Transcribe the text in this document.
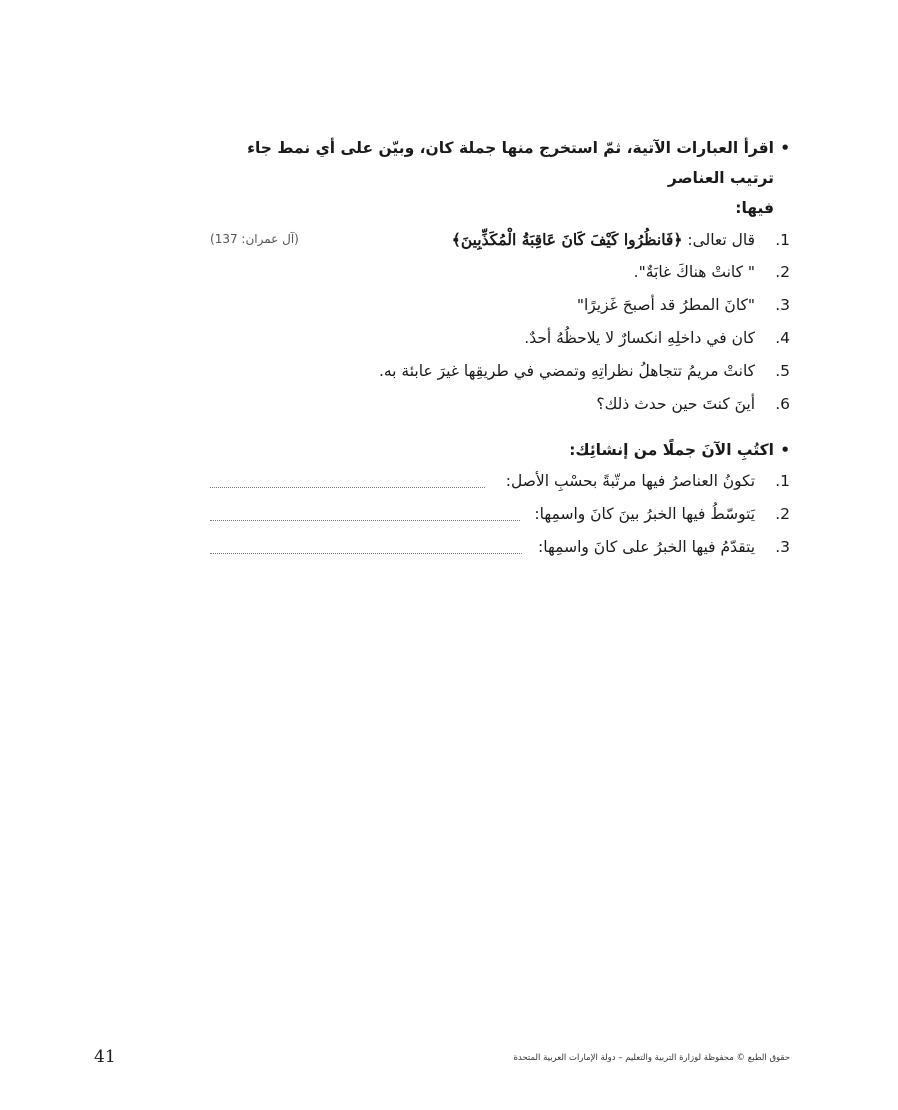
•
اقرأ العبارات الآتية، ثمّ استخرج منها جملة كان، وبيّن على أي نمط جاء ترتيب العناصر
فيها:
1. قال تعالى: ﴿فَانظُرُوا كَيْفَ كَانَ عَاقِبَةُ الْمُكَذِّبِينَ﴾
(آل عمران: 137)
2. " كانتْ هناكَ غابَةٌ".
3. "كانَ المطرُ قد أصبحَ غَزيرًا"
4. كان في داخلِهِ انكسارٌ لا يلاحظُهُ أحدٌ.
5. كانتْ مريمُ تتجاهلُ نظراتِهِ وتمضي في طريقِها غيرَ عابئة به.
6. أينَ كنتَ حين حدث ذلك؟
•
اكتُبِ الآنَ جملًا من إنشائِك:
1. تكونُ العناصرُ فيها مرتّبةً بحسْبِ الأصل:
2. يَتوسّطُ فيها الخبرُ بينَ كانَ واسمِها:
3. يتقدّمُ فيها الخبرُ على كانَ واسمِها:
41	حقوق الطبع © محفوظة لوزارة التربية والتعليم – دولة الإمارات العربية المتحدة
